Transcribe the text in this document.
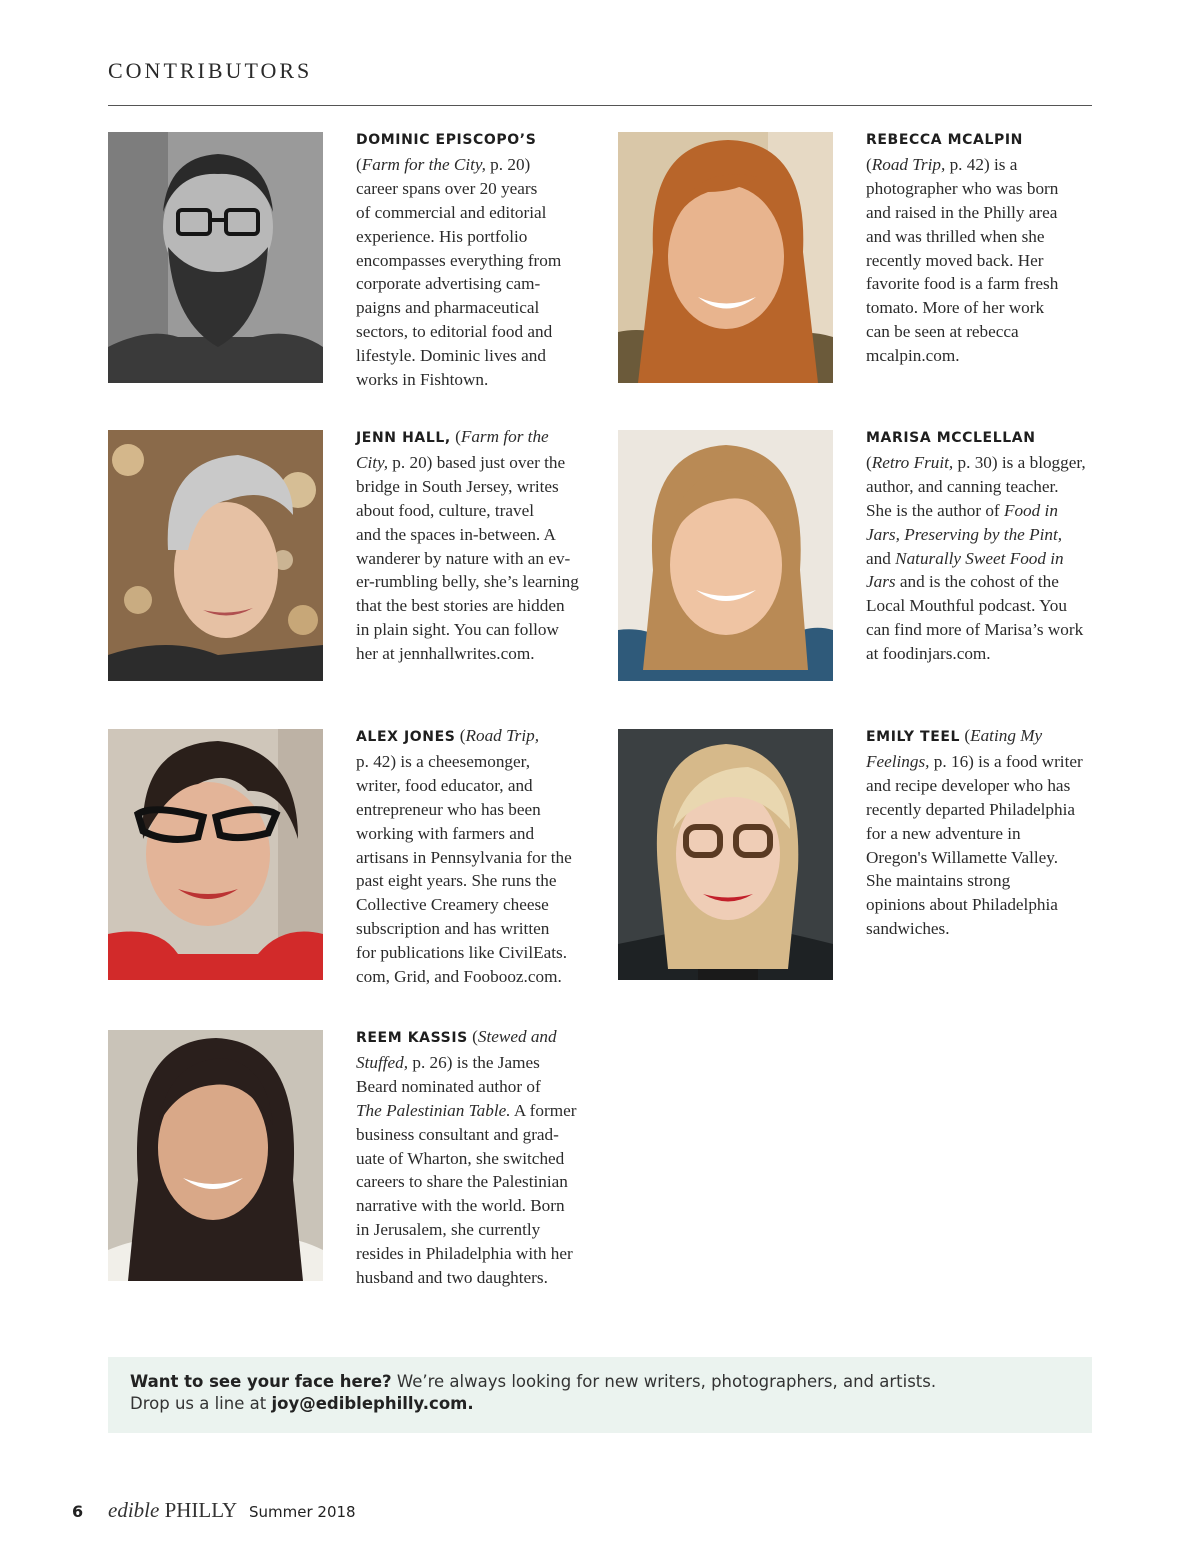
CONTRIBUTORS
DOMINIC EPISCOPO’S
(Farm for the City, p. 20)
career spans over 20 years
of commercial and editorial
experience. His portfolio
encompasses everything from
corporate advertising cam-
paigns and pharmaceutical
sectors, to editorial food and
lifestyle. Dominic lives and
works in Fishtown.
REBECCA MCALPIN
(Road Trip, p. 42) is a
photographer who was born
and raised in the Philly area
and was thrilled when she
recently moved back. Her
favorite food is a farm fresh
tomato. More of her work
can be seen at rebecca
mcalpin.com.
JENN HALL, (Farm for the
City, p. 20) based just over the
bridge in South Jersey, writes
about food, culture, travel
and the spaces in-between. A
wanderer by nature with an ev-
er-rumbling belly, she’s learning
that the best stories are hidden
in plain sight. You can follow
her at jennhallwrites.com.
MARISA MCCLELLAN
(Retro Fruit, p. 30) is a blogger,
author, and canning teacher.
She is the author of Food in
Jars, Preserving by the Pint,
and Naturally Sweet Food in
Jars and is the cohost of the
Local Mouthful podcast. You
can find more of Marisa’s work
at foodinjars.com.
ALEX JONES (Road Trip,
p. 42) is a cheesemonger,
writer, food educator, and
entrepreneur who has been
working with farmers and
artisans in Pennsylvania for the
past eight years. She runs the
Collective Creamery cheese
subscription and has written
for publications like CivilEats.
com, Grid, and Foobooz.com.
EMILY TEEL (Eating My
Feelings, p. 16) is a food writer
and recipe developer who has
recently departed Philadelphia
for a new adventure in
Oregon's Willamette Valley.
She maintains strong
opinions about Philadelphia
sandwiches.
REEM KASSIS (Stewed and
Stuffed, p. 26) is the James
Beard nominated author of
The Palestinian Table. A former
business consultant and grad-
uate of Wharton, she switched
careers to share the Palestinian
narrative with the world. Born
in Jerusalem, she currently
resides in Philadelphia with her
husband and two daughters.
Want to see your face here? We’re always looking for new writers, photographers, and artists.
Drop us a line at joy@ediblephilly.com.
6 edible PHILLY Summer 2018
